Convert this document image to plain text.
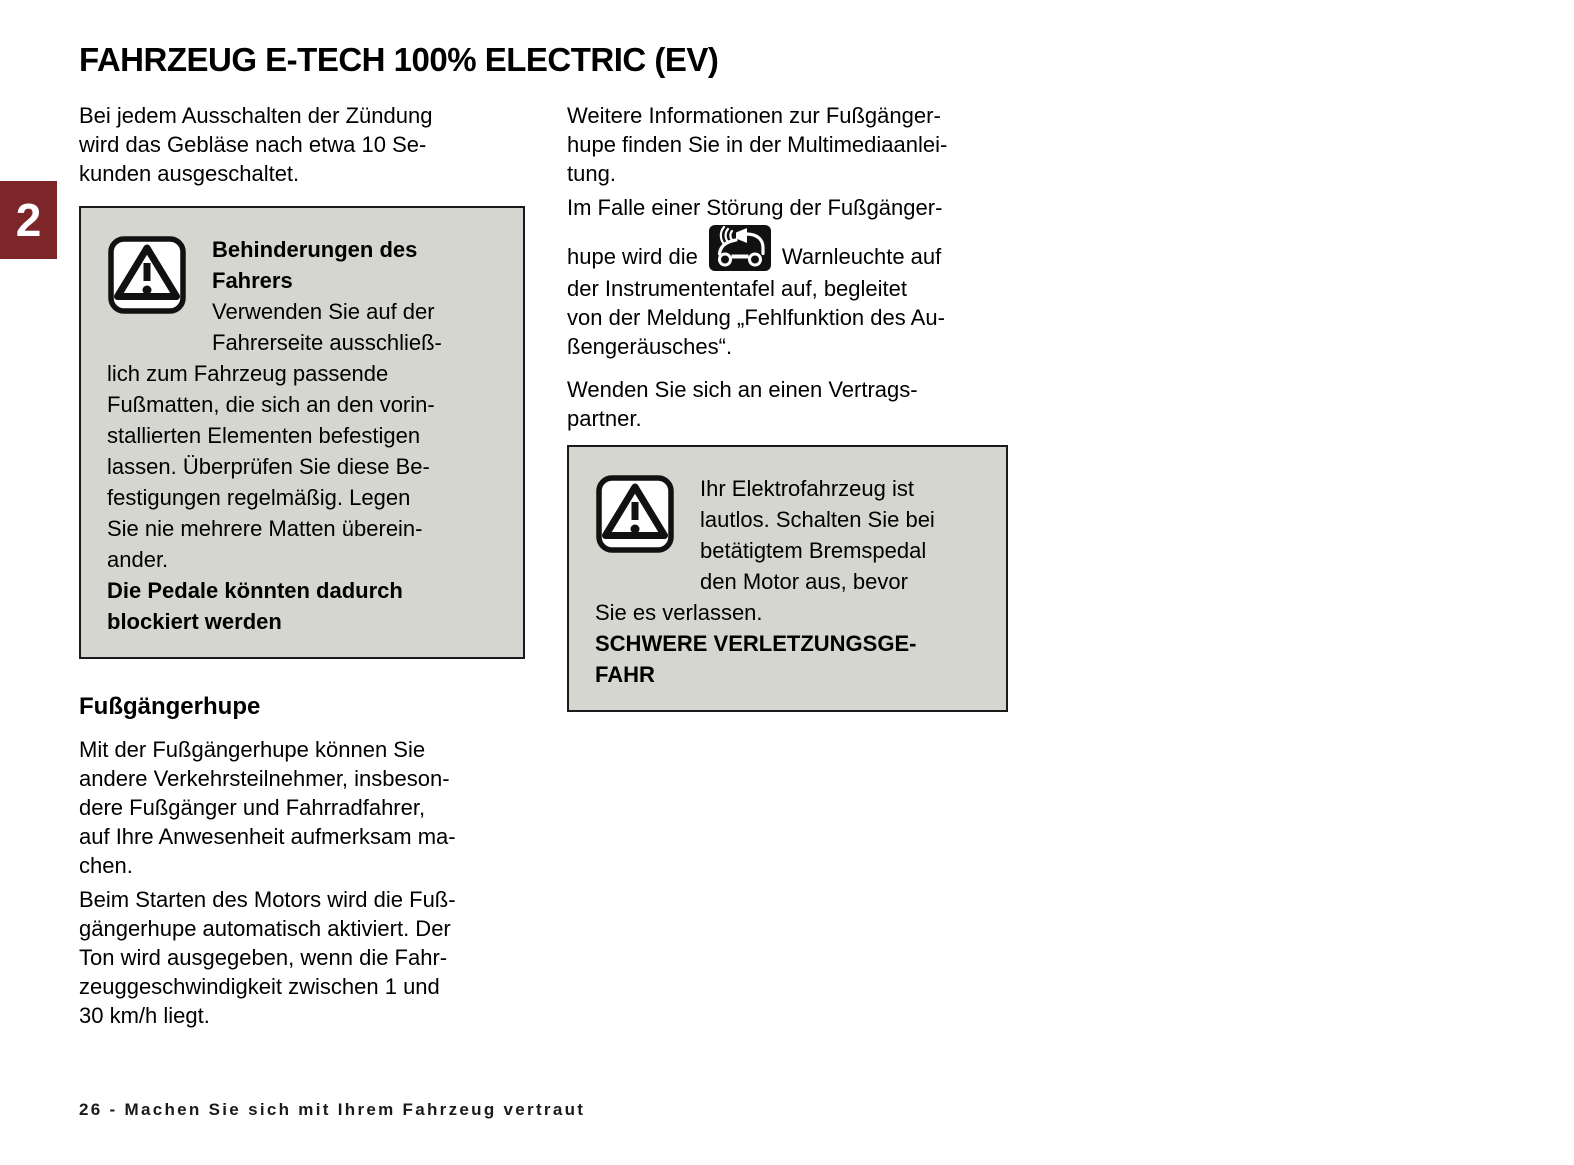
2
FAHRZEUG E-TECH 100% ELECTRIC (EV)
Bei jedem Ausschalten der Zündung
wird das Gebläse nach etwa 10 Se-
kunden ausgeschaltet.
Behinderungen des
Fahrers
Verwenden Sie auf der
Fahrerseite ausschließ-
lich zum Fahrzeug passende
Fußmatten, die sich an den vorin-
stallierten Elementen befestigen
lassen. Überprüfen Sie diese Be-
festigungen regelmäßig. Legen
Sie nie mehrere Matten überein-
ander.
Die Pedale könnten dadurch
blockiert werden
Fußgängerhupe
Mit der Fußgängerhupe können Sie
andere Verkehrsteilnehmer, insbeson-
dere Fußgänger und Fahrradfahrer,
auf Ihre Anwesenheit aufmerksam ma-
chen.
Beim Starten des Motors wird die Fuß-
gängerhupe automatisch aktiviert. Der
Ton wird ausgegeben, wenn die Fahr-
zeuggeschwindigkeit zwischen 1 und
30 km/h liegt.
Weitere Informationen zur Fußgänger-
hupe finden Sie in der Multimediaanlei-
tung.
Im Falle einer Störung der Fußgänger-
hupe wird die	Warnleuchte auf
der Instrumententafel auf, begleitet
von der Meldung „Fehlfunktion des Au-
ßengeräusches“.
Wenden Sie sich an einen Vertrags-
partner.
Ihr Elektrofahrzeug ist
lautlos. Schalten Sie bei
betätigtem Bremspedal
den Motor aus, bevor
Sie es verlassen.
SCHWERE VERLETZUNGSGE-
FAHR
26 - Machen Sie sich mit Ihrem Fahrzeug vertraut
